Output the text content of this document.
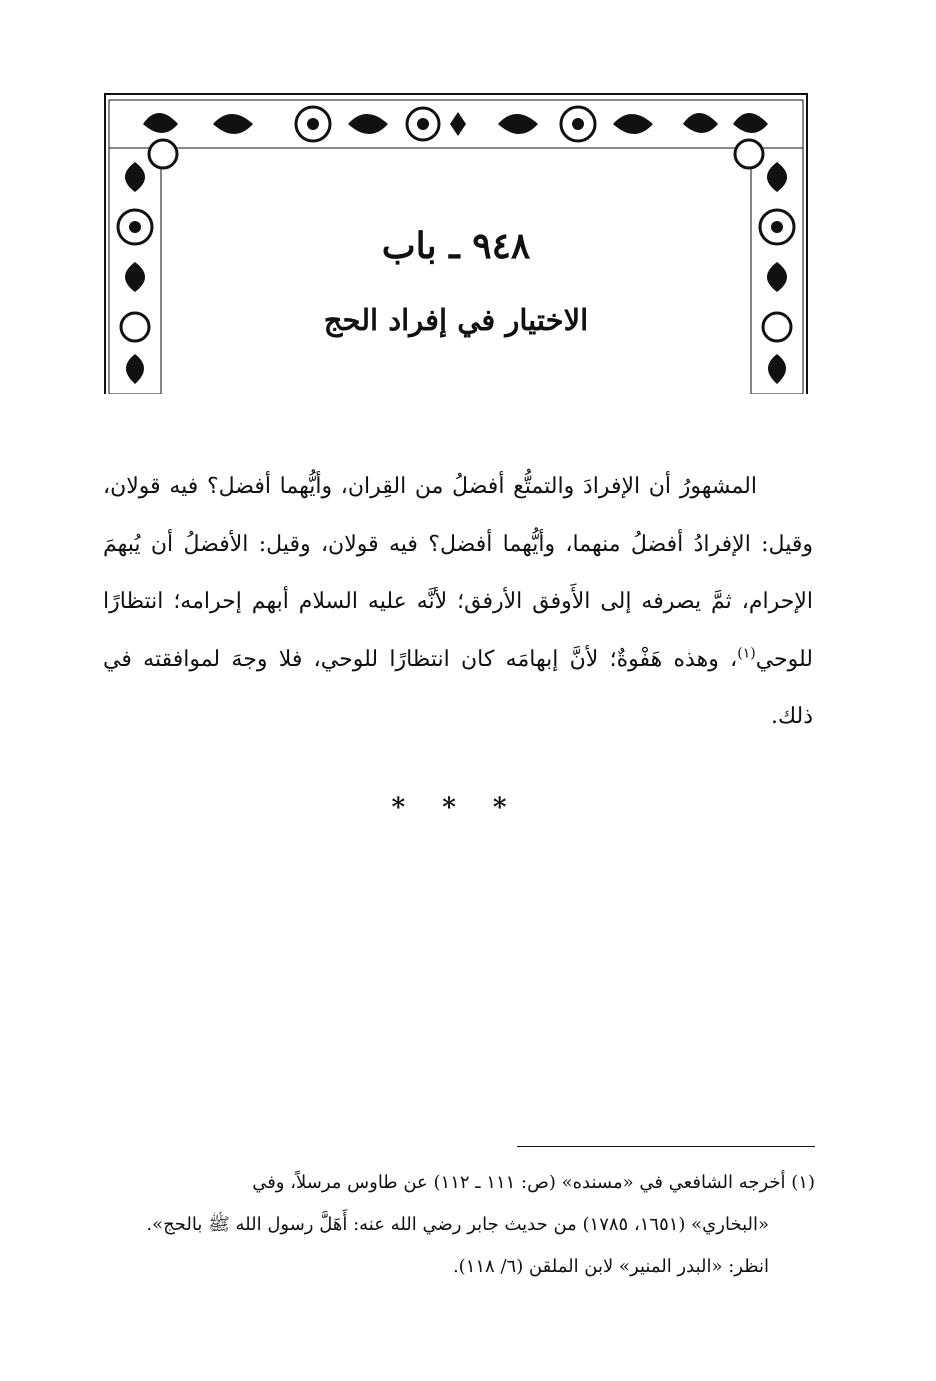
٩٤٨ ـ باب
الاختيار في إفراد الحج

المشهورُ أن الإفرادَ والتمتُّع أفضلُ من القِران، وأيُّهما أفضل؟ فيه قولان، وقيل: الإفرادُ أفضلُ منهما، وأيُّهما أفضل؟ فيه قولان، وقيل: الأفضلُ أن يُبهمَ الإحرام، ثمَّ يصرفه إلى الأَوفق الأرفق؛ لأنَّه عليه السلام أبهم إحرامه؛ انتظارًا للوحي$^{(١)}$، وهذه هَفْوةٌ؛ لأنَّ إبهامَه كان انتظارًا للوحي، فلا وجهَ لموافقته في ذلك.

* * *
(١) أخرجه الشافعي في «مسنده» (ص: ١١١ ـ ١١٢) عن طاوس مرسلاً، وفي
«البخاري» (١٦٥١، ١٧٨٥) من حديث جابر رضي الله عنه: أَهَلَّ رسول الله ﷺ بالحج».
انظر: «البدر المنير» لابن الملقن (٦/ ١١٨).
